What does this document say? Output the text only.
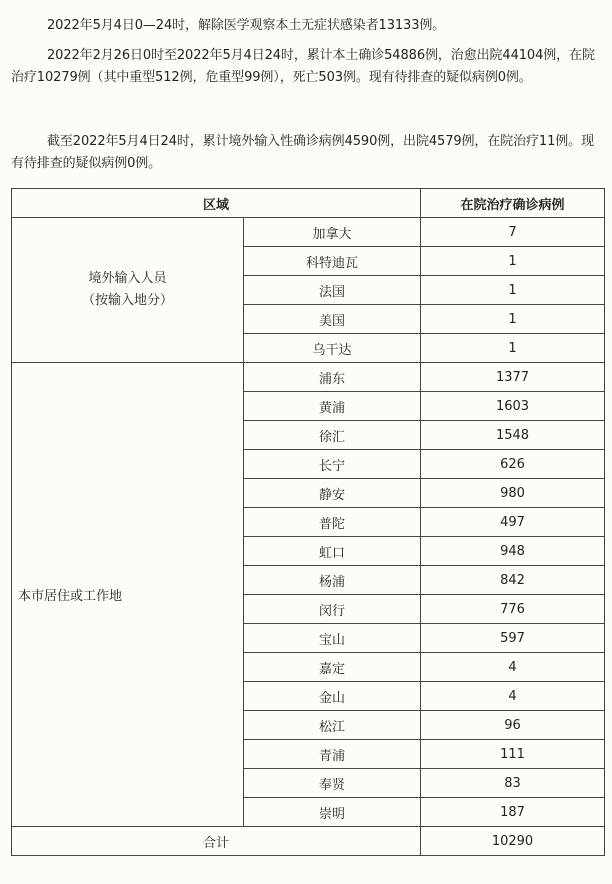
2022年5月4日0—24时，解除医学观察本土无症状感染者13133例。

2022年2月26日0时至2022年5月4日24时，累计本土确诊54886例，治愈出院44104例，在院治疗10279例（其中重型512例，危重型99例），死亡503例。现有待排查的疑似病例0例。

截至2022年5月4日24时，累计境外输入性确诊病例4590例，出院4579例，在院治疗11例。现有待排查的疑似病例0例。

区域		在院治疗确诊病例

境外输入人员
（按输入地分）	加拿大	7
	科特迪瓦	1
	法国	1
	美国	1
	乌干达	1
本市居住或工作地	浦东	1377
	黄浦	1603
	徐汇	1548
	长宁	626
	静安	980
	普陀	497
	虹口	948
	杨浦	842
	闵行	776
	宝山	597
	嘉定	4
	金山	4
	松江	96
	青浦	111
	奉贤	83
	崇明	187
合计		10290
